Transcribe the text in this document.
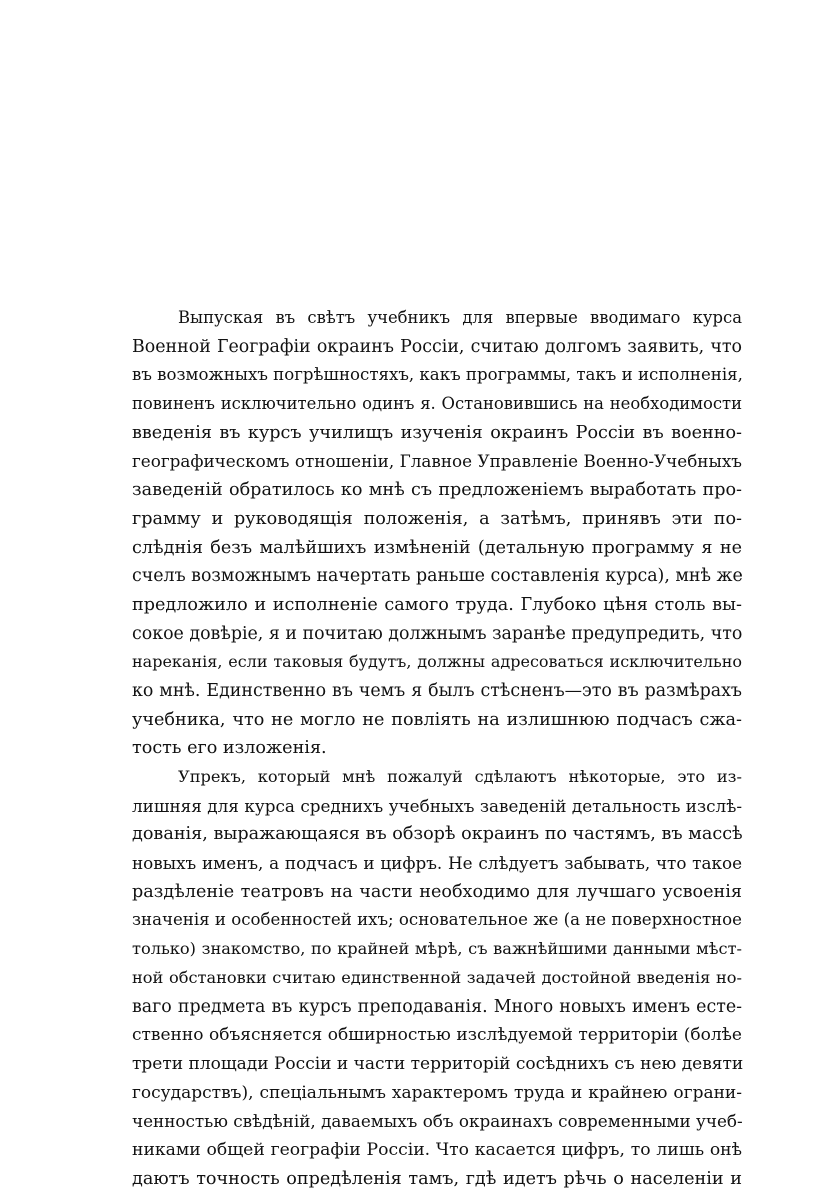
Выпуская въ свѣтъ учебникъ для впервые вводимаго курса
Военной Географіи окраинъ Россіи, считаю долгомъ заявить, что
въ возможныхъ погрѣшностяхъ, какъ программы, такъ и исполненія,
повиненъ исключительно одинъ я. Остановившись на необходимости
введенія въ курсъ училищъ изученія окраинъ Россіи въ военно-
географическомъ отношеніи, Главное Управленіе Военно-Учебныхъ
заведеній обратилось ко мнѣ съ предложеніемъ выработать про-
грамму и руководящія положенія, а затѣмъ, принявъ эти по-
слѣднія безъ малѣйшихъ измѣненій (детальную программу я не
счелъ возможнымъ начертать раньше составленія курса), мнѣ же
предложило и исполненіе самого труда. Глубоко цѣня столь вы-
сокое довѣріе, я и почитаю должнымъ заранѣе предупредить, что
нареканія, если таковыя будутъ, должны адресоваться исключительно
ко мнѣ. Единственно въ чемъ я былъ стѣсненъ—это въ размѣрахъ
учебника, что не могло не повліять на излишнюю подчасъ сжа-
тость его изложенія.
Упрекъ, который мнѣ пожалуй сдѣлаютъ нѣкоторые, это из-
лишняя для курса среднихъ учебныхъ заведеній детальность изслѣ-
дованія, выражающаяся въ обзорѣ окраинъ по частямъ, въ массѣ
новыхъ именъ, а подчасъ и цифръ. Не слѣдуетъ забывать, что такое
раздѣленіе театровъ на части необходимо для лучшаго усвоенія
значенія и особенностей ихъ; основательное же (а не поверхностное
только) знакомство, по крайней мѣрѣ, съ важнѣйшими данными мѣст-
ной обстановки считаю единственной задачей достойной введенія но-
ваго предмета въ курсъ преподаванія. Много новыхъ именъ есте-
ственно объясняется обширностью изслѣдуемой территоріи (болѣе
трети площади Россіи и части территорій сосѣднихъ съ нею девяти
государствъ), спеціальнымъ характеромъ труда и крайнею ограни-
ченностью свѣдѣній, даваемыхъ объ окраинахъ современными учеб-
никами общей географіи Россіи. Что касается цифръ, то лишь онѣ
даютъ точность опредѣленія тамъ, гдѣ идетъ рѣчь о населеніи и
